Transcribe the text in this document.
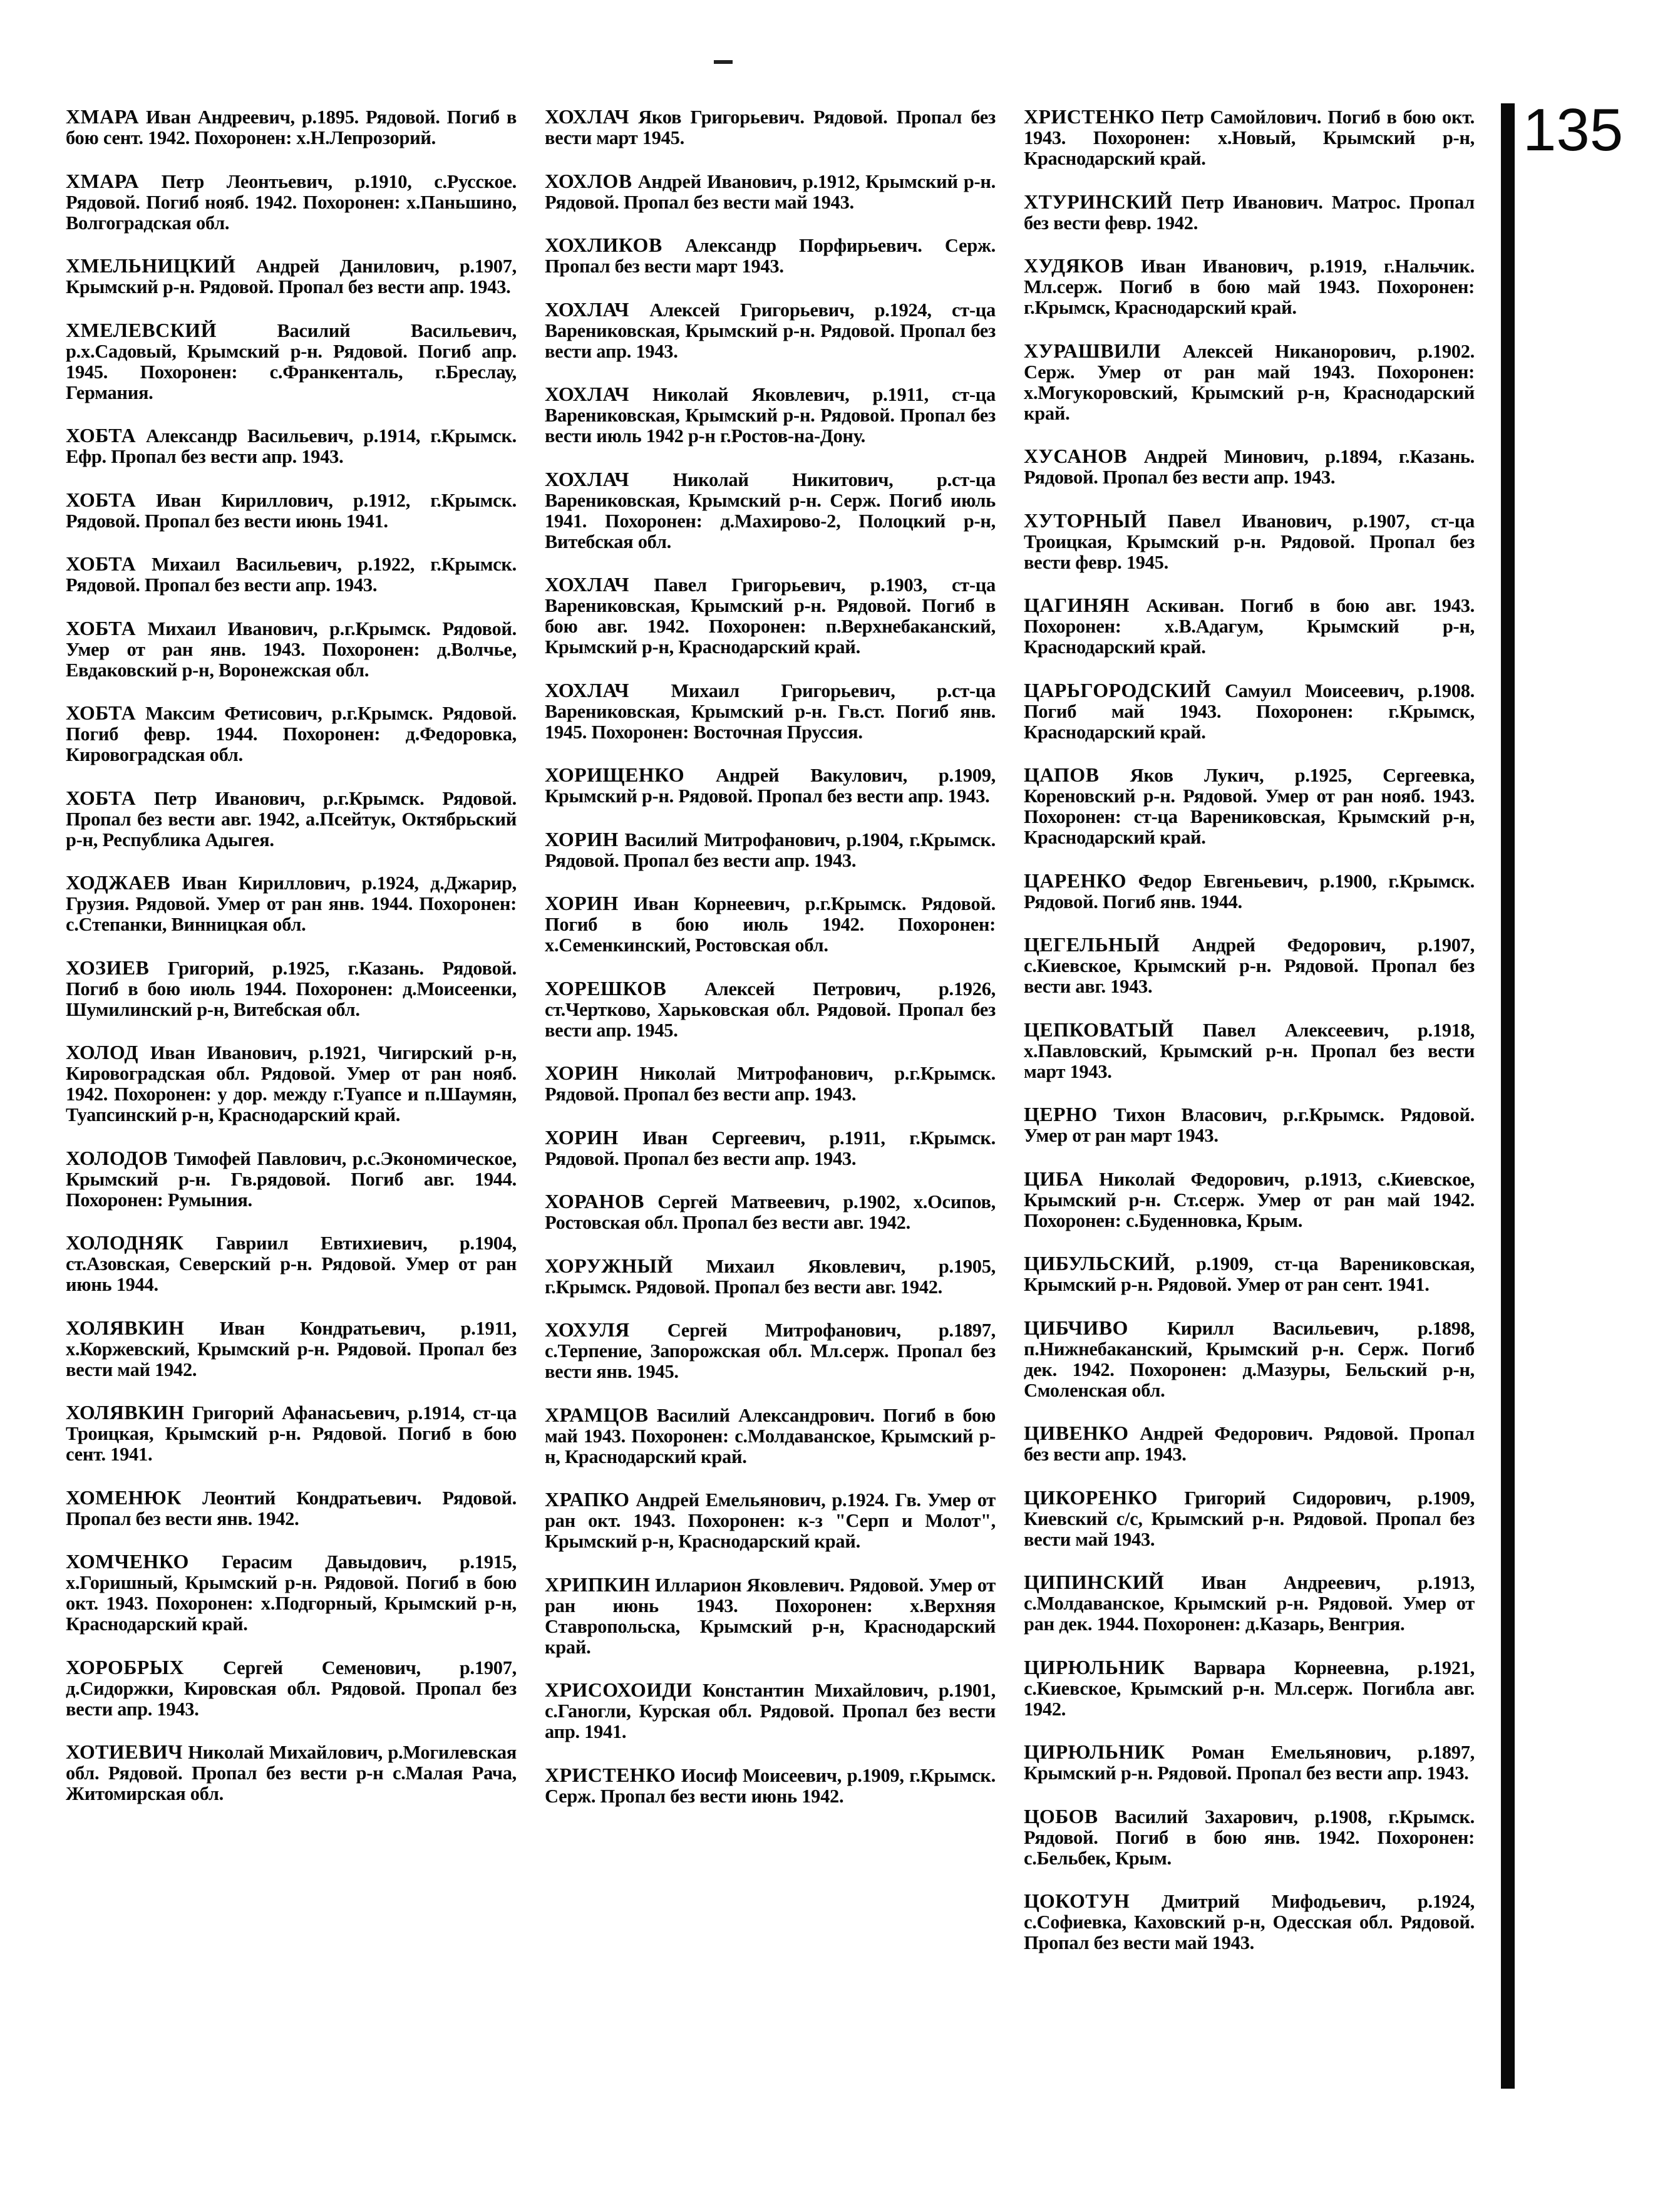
ХМАРА Иван Андреевич, р.1895. Рядовой. Погиб в бою сент. 1942. Похоронен: х.Н.Лепрозорий.

ХМАРА Петр Леонтьевич, р.1910, с.Русское. Рядовой. Погиб нояб. 1942. Похоронен: х.Паньшино, Волгоградская обл.

ХМЕЛЬНИЦКИЙ Андрей Данилович, р.1907, Крымский р-н. Рядовой. Пропал без вести апр. 1943.

ХМЕЛЕВСКИЙ Василий Васильевич, р.х.Садовый, Крымский р-н. Рядовой. Погиб апр. 1945. Похоронен: с.Франкенталь, г.Бреслау, Германия.

ХОБТА Александр Васильевич, р.1914, г.Крымск. Ефр. Пропал без вести апр. 1943.

ХОБТА Иван Кириллович, р.1912, г.Крымск. Рядовой. Пропал без вести июнь 1941.

ХОБТА Михаил Васильевич, р.1922, г.Крымск. Рядовой. Пропал без вести апр. 1943.

ХОБТА Михаил Иванович, р.г.Крымск. Рядовой. Умер от ран янв. 1943. Похоронен: д.Волчье, Евдаковский р-н, Воронежская обл.

ХОБТА Максим Фетисович, р.г.Крымск. Рядовой. Погиб февр. 1944. Похоронен: д.Федоровка, Кировоградская обл.

ХОБТА Петр Иванович, р.г.Крымск. Рядовой. Пропал без вести авг. 1942, а.Псейтук, Октябрьский р-н, Республика Адыгея.

ХОДЖАЕВ Иван Кириллович, р.1924, д.Джарир, Грузия. Рядовой. Умер от ран янв. 1944. Похоронен: с.Степанки, Винницкая обл.

ХОЗИЕВ Григорий, р.1925, г.Казань. Рядовой. Погиб в бою июль 1944. Похоронен: д.Моисеенки, Шумилинский р-н, Витебская обл.

ХОЛОД Иван Иванович, р.1921, Чигирский р-н, Кировоградская обл. Рядовой. Умер от ран нояб. 1942. Похоронен: у дор. между г.Туапсе и п.Шаумян, Туапсинский р-н, Краснодарский край.

ХОЛОДОВ Тимофей Павлович, р.с.Экономическое, Крымский р-н. Гв.рядовой. Погиб авг. 1944. Похоронен: Румыния.

ХОЛОДНЯК Гавриил Евтихиевич, р.1904, ст.Азовская, Северский р-н. Рядовой. Умер от ран июнь 1944.

ХОЛЯВКИН Иван Кондратьевич, р.1911, х.Коржевский, Крымский р-н. Рядовой. Пропал без вести май 1942.

ХОЛЯВКИН Григорий Афанасьевич, р.1914, ст-ца Троицкая, Крымский р-н. Рядовой. Погиб в бою сент. 1941.

ХОМЕНЮК Леонтий Кондратьевич. Рядовой. Пропал без вести янв. 1942.

ХОМЧЕНКО Герасим Давыдович, р.1915, х.Горишный, Крымский р-н. Рядовой. Погиб в бою окт. 1943. Похоронен: х.Подгорный, Крымский р-н, Краснодарский край.

ХОРОБРЫХ Сергей Семенович, р.1907, д.Сидоржки, Кировская обл. Рядовой. Пропал без вести апр. 1943.

ХОТИЕВИЧ Николай Михайлович, р.Могилевская обл. Рядовой. Пропал без вести р-н с.Малая Рача, Житомирская обл.

ХОХЛАЧ Яков Григорьевич. Рядовой. Пропал без вести март 1945.

ХОХЛОВ Андрей Иванович, р.1912, Крымский р-н. Рядовой. Пропал без вести май 1943.

ХОХЛИКОВ Александр Порфирьевич. Серж. Пропал без вести март 1943.

ХОХЛАЧ Алексей Григорьевич, р.1924, ст-ца Варениковская, Крымский р-н. Рядовой. Пропал без вести апр. 1943.

ХОХЛАЧ Николай Яковлевич, р.1911, ст-ца Варениковская, Крымский р-н. Рядовой. Пропал без вести июль 1942 р-н г.Ростов-на-Дону.

ХОХЛАЧ Николай Никитович, р.ст-ца Варениковская, Крымский р-н. Серж. Погиб июль 1941. Похоронен: д.Махирово-2, Полоцкий р-н, Витебская обл.

ХОХЛАЧ Павел Григорьевич, р.1903, ст-ца Варениковская, Крымский р-н. Рядовой. Погиб в бою авг. 1942. Похоронен: п.Верхнебаканский, Крымский р-н, Краснодарский край.

ХОХЛАЧ Михаил Григорьевич, р.ст-ца Варениковская, Крымский р-н. Гв.ст. Погиб янв. 1945. Похоронен: Восточная Пруссия.

ХОРИЩЕНКО Андрей Вакулович, р.1909, Крымский р-н. Рядовой. Пропал без вести апр. 1943.

ХОРИН Василий Митрофанович, р.1904, г.Крымск. Рядовой. Пропал без вести апр. 1943.

ХОРИН Иван Корнеевич, р.г.Крымск. Рядовой. Погиб в бою июль 1942. Похоронен: х.Семенкинский, Ростовская обл.

ХОРЕШКОВ Алексей Петрович, р.1926, ст.Чертково, Харьковская обл. Рядовой. Пропал без вести апр. 1945.

ХОРИН Николай Митрофанович, р.г.Крымск. Рядовой. Пропал без вести апр. 1943.

ХОРИН Иван Сергеевич, р.1911, г.Крымск. Рядовой. Пропал без вести апр. 1943.

ХОРАНОВ Сергей Матвеевич, р.1902, х.Осипов, Ростовская обл. Пропал без вести авг. 1942.

ХОРУЖНЫЙ Михаил Яковлевич, р.1905, г.Крымск. Рядовой. Пропал без вести авг. 1942.

ХОХУЛЯ Сергей Митрофанович, р.1897, с.Терпение, Запорожская обл. Мл.серж. Пропал без вести янв. 1945.

ХРАМЦОВ Василий Александрович. Погиб в бою май 1943. Похоронен: с.Молдаванское, Крымский р-н, Краснодарский край.

ХРАПКО Андрей Емельянович, р.1924. Гв. Умер от ран окт. 1943. Похоронен: к-з "Серп и Молот", Крымский р-н, Краснодарский край.

ХРИПКИН Илларион Яковлевич. Рядовой. Умер от ран июнь 1943. Похоронен: х.Верхняя Ставропольска, Крымский р-н, Краснодарский край.

ХРИСОХОИДИ Константин Михайлович, р.1901, с.Ганогли, Курская обл. Рядовой. Пропал без вести апр. 1941.

ХРИСТЕНКО Иосиф Моисеевич, р.1909, г.Крымск. Серж. Пропал без вести июнь 1942.

ХРИСТЕНКО Петр Самойлович. Погиб в бою окт. 1943. Похоронен: х.Новый, Крымский р-н, Краснодарский край.

ХТУРИНСКИЙ Петр Иванович. Матрос. Пропал без вести февр. 1942.

ХУДЯКОВ Иван Иванович, р.1919, г.Нальчик. Мл.серж. Погиб в бою май 1943. Похоронен: г.Крымск, Краснодарский край.

ХУРАШВИЛИ Алексей Никанорович, р.1902. Серж. Умер от ран май 1943. Похоронен: х.Могукоровский, Крымский р-н, Краснодарский край.

ХУСАНОВ Андрей Минович, р.1894, г.Казань. Рядовой. Пропал без вести апр. 1943.

ХУТОРНЫЙ Павел Иванович, р.1907, ст-ца Троицкая, Крымский р-н. Рядовой. Пропал без вести февр. 1945.

ЦАГИНЯН Аскиван. Погиб в бою авг. 1943. Похоронен: х.В.Адагум, Крымский р-н, Краснодарский край.

ЦАРЬГОРОДСКИЙ Самуил Моисеевич, р.1908. Погиб май 1943. Похоронен: г.Крымск, Краснодарский край.

ЦАПОВ Яков Лукич, р.1925, Сергеевка, Кореновский р-н. Рядовой. Умер от ран нояб. 1943. Похоронен: ст-ца Варениковская, Крымский р-н, Краснодарский край.

ЦАРЕНКО Федор Евгеньевич, р.1900, г.Крымск. Рядовой. Погиб янв. 1944.

ЦЕГЕЛЬНЫЙ Андрей Федорович, р.1907, с.Киевское, Крымский р-н. Рядовой. Пропал без вести авг. 1943.

ЦЕПКОВАТЫЙ Павел Алексеевич, р.1918, х.Павловский, Крымский р-н. Пропал без вести март 1943.

ЦЕРНО Тихон Власович, р.г.Крымск. Рядовой. Умер от ран март 1943.

ЦИБА Николай Федорович, р.1913, с.Киевское, Крымский р-н. Ст.серж. Умер от ран май 1942. Похоронен: с.Буденновка, Крым.

ЦИБУЛЬСКИЙ, р.1909, ст-ца Варениковская, Крымский р-н. Рядовой. Умер от ран сент. 1941.

ЦИБЧИВО Кирилл Васильевич, р.1898, п.Нижнебаканский, Крымский р-н. Серж. Погиб дек. 1942. Похоронен: д.Мазуры, Бельский р-н, Смоленская обл.

ЦИВЕНКО Андрей Федорович. Рядовой. Пропал без вести апр. 1943.

ЦИКОРЕНКО Григорий Сидорович, р.1909, Киевский с/с, Крымский р-н. Рядовой. Пропал без вести май 1943.

ЦИПИНСКИЙ Иван Андреевич, р.1913, с.Молдаванское, Крымский р-н. Рядовой. Умер от ран дек. 1944. Похоронен: д.Казарь, Венгрия.

ЦИРЮЛЬНИК Варвара Корнеевна, р.1921, с.Киевское, Крымский р-н. Мл.серж. Погибла авг. 1942.

ЦИРЮЛЬНИК Роман Емельянович, р.1897, Крымский р-н. Рядовой. Пропал без вести апр. 1943.

ЦОБОВ Василий Захарович, р.1908, г.Крымск. Рядовой. Погиб в бою янв. 1942. Похоронен: с.Бельбек, Крым.

ЦОКОТУН Дмитрий Мифодьевич, р.1924, с.Софиевка, Каховский р-н, Одесская обл. Рядовой. Пропал без вести май 1943.

135
